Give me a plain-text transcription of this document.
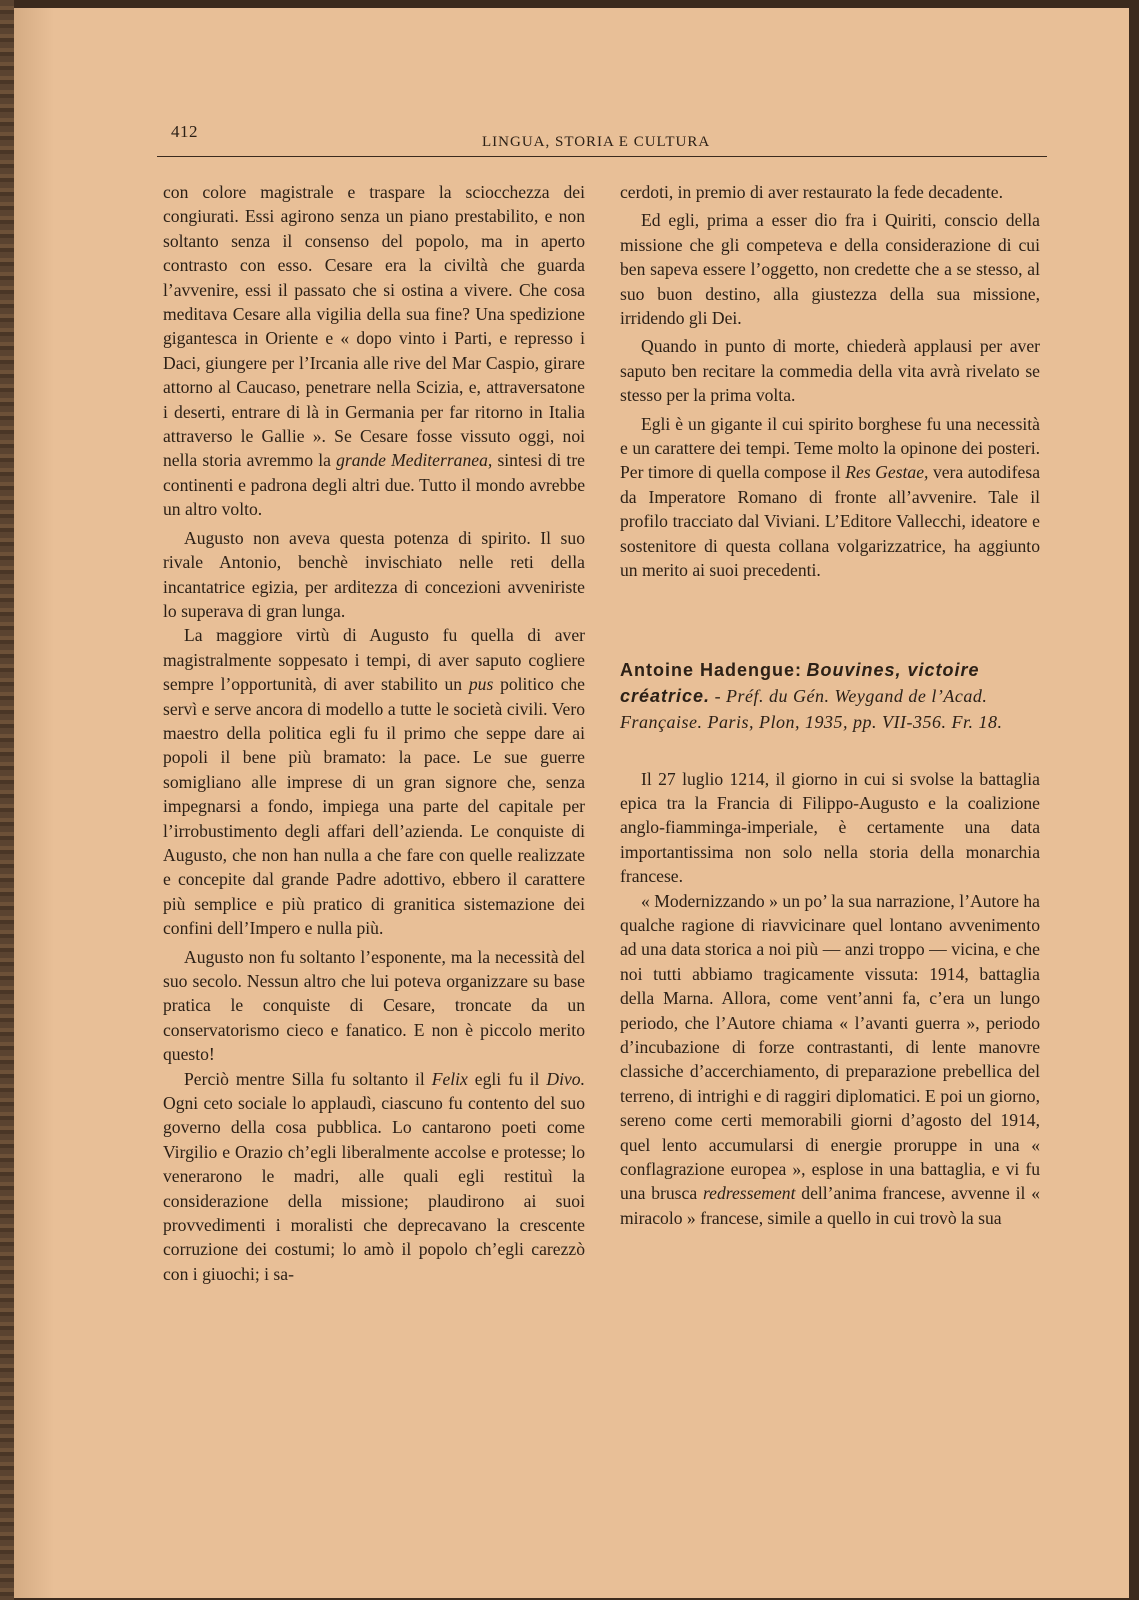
412
LINGUA, STORIA E CULTURA

con colore magistrale e traspare la sciocchezza dei congiurati. Essi agirono senza un piano prestabilito, e non soltanto senza il consenso del popolo, ma in aperto contrasto con esso. Cesare era la civiltà che guarda l’avvenire, essi il passato che si ostina a vivere. Che cosa meditava Cesare alla vigilia della sua fine? Una spedizione gigantesca in Oriente e « dopo vinto i Parti, e represso i Daci, giungere per l’Ircania alle rive del Mar Caspio, girare attorno al Caucaso, penetrare nella Scizia, e, attraversatone i deserti, entrare di là in Germania per far ritorno in Italia attraverso le Gallie ». Se Cesare fosse vissuto oggi, noi nella storia avremmo la grande Mediterranea, sintesi di tre continenti e padrona degli altri due. Tutto il mondo avrebbe un altro volto.

Augusto non aveva questa potenza di spirito. Il suo rivale Antonio, benchè invischiato nelle reti della incantatrice egizia, per arditezza di concezioni avveniriste lo superava di gran lunga.

La maggiore virtù di Augusto fu quella di aver magistralmente soppesato i tempi, di aver saputo cogliere sempre l’opportunità, di aver stabilito un pus politico che servì e serve ancora di modello a tutte le società civili. Vero maestro della politica egli fu il primo che seppe dare ai popoli il bene più bramato: la pace. Le sue guerre somigliano alle imprese di un gran signore che, senza impegnarsi a fondo, impiega una parte del capitale per l’irrobustimento degli affari dell’azienda. Le conquiste di Augusto, che non han nulla a che fare con quelle realizzate e concepite dal grande Padre adottivo, ebbero il carattere più semplice e più pratico di granitica sistemazione dei confini dell’Impero e nulla più.

Augusto non fu soltanto l’esponente, ma la necessità del suo secolo. Nessun altro che lui poteva organizzare su base pratica le conquiste di Cesare, troncate da un conservatorismo cieco e fanatico. E non è piccolo merito questo!

Perciò mentre Silla fu soltanto il Felix egli fu il Divo. Ogni ceto sociale lo applaudì, ciascuno fu contento del suo governo della cosa pubblica. Lo cantarono poeti come Virgilio e Orazio ch’egli liberalmente accolse e protesse; lo venerarono le madri, alle quali egli restituì la considerazione della missione; plaudirono ai suoi provvedimenti i moralisti che deprecavano la crescente corruzione dei costumi; lo amò il popolo ch’egli carezzò con i giuochi; i sa-

cerdoti, in premio di aver restaurato la fede decadente.

Ed egli, prima a esser dio fra i Quiriti, conscio della missione che gli competeva e della considerazione di cui ben sapeva essere l’oggetto, non credette che a se stesso, al suo buon destino, alla giustezza della sua missione, irridendo gli Dei.

Quando in punto di morte, chiederà applausi per aver saputo ben recitare la commedia della vita avrà rivelato se stesso per la prima volta.

Egli è un gigante il cui spirito borghese fu una necessità e un carattere dei tempi. Teme molto la opinone dei posteri. Per timore di quella compose il Res Gestae, vera autodifesa da Imperatore Romano di fronte all’avvenire. Tale il profilo tracciato dal Viviani. L’Editore Vallecchi, ideatore e sostenitore di questa collana volgarizzatrice, ha aggiunto un merito ai suoi precedenti.

Antoine Hadengue: Bouvines, victoire créatrice. - Préf. du Gén. Weygand de l’Acad. Française. Paris, Plon, 1935, pp. VII-356. Fr. 18.

Il 27 luglio 1214, il giorno in cui si svolse la battaglia epica tra la Francia di Filippo-Augusto e la coalizione anglo-fiamminga-imperiale, è certamente una data importantissima non solo nella storia della monarchia francese.

« Modernizzando » un po’ la sua narrazione, l’Autore ha qualche ragione di riavvicinare quel lontano avvenimento ad una data storica a noi più — anzi troppo — vicina, e che noi tutti abbiamo tragicamente vissuta: 1914, battaglia della Marna. Allora, come vent’anni fa, c’era un lungo periodo, che l’Autore chiama « l’avanti guerra », periodo d’incubazione di forze contrastanti, di lente manovre classiche d’accerchiamento, di preparazione prebellica del terreno, di intrighi e di raggiri diplomatici. E poi un giorno, sereno come certi memorabili giorni d’agosto del 1914, quel lento accumularsi di energie proruppe in una « conflagrazione europea », esplose in una battaglia, e vi fu una brusca redressement dell’anima francese, avvenne il « miracolo » francese, simile a quello in cui trovò la sua
